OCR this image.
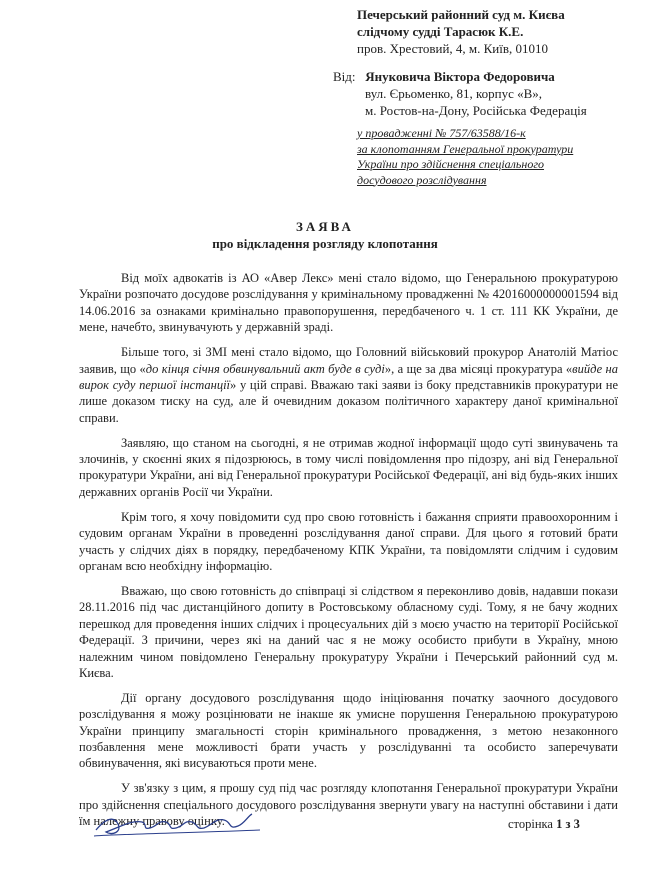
Печерський районний суд м. Києва
слідчому судді Тарасюк К.Е.
пров. Хрестовий, 4, м. Київ, 01010
Від: Януковича Віктора Федоровича
вул. Єрьоменко, 81, корпус «В»,
м. Ростов-на-Дону, Російська Федерація
у провадженні № 757/63588/16-к
за клопотанням Генеральної прокуратури
України про здійснення спеціального
досудового розслідування
ЗАЯВА
про відкладення розгляду клопотання

Від моїх адвокатів із АО «Авер Лекс» мені стало відомо, що Генеральною прокуратурою України розпочато досудове розслідування у кримінальному провадженні № 42016000000001594 від 14.06.2016 за ознаками кримінально правопорушення, передбаченого ч. 1 ст. 111 КК України, де мене, начебто, звинувачують у державній зраді.

Більше того, зі ЗМІ мені стало відомо, що Головний військовий прокурор Анатолій Матіос заявив, що «до кінця січня обвинувальний акт буде в суді», а ще за два місяці прокуратура «вийде на вирок суду першої інстанції» у цій справі. Вважаю такі заяви із боку представників прокуратури не лише доказом тиску на суд, але й очевидним доказом політичного характеру даної кримінальної справи.

Заявляю, що станом на сьогодні, я не отримав жодної інформації щодо суті звинувачень та злочинів, у скоєнні яких я підозрююсь, в тому числі повідомлення про підозру, ані від Генеральної прокуратури України, ані від Генеральної прокуратури Російської Федерації, ані від будь-яких інших державних органів Росії чи України.

Крім того, я хочу повідомити суд про свою готовність і бажання сприяти правоохоронним і судовим органам України в проведенні розслідування даної справи. Для цього я готовий брати участь у слідчих діях в порядку, передбаченому КПК України, та повідомляти слідчим і судовим органам всю необхідну інформацію.

Вважаю, що свою готовність до співпраці зі слідством я переконливо довів, надавши покази 28.11.2016 під час дистанційного допиту в Ростовському обласному суді. Тому, я не бачу жодних перешкод для проведення інших слідчих і процесуальних дій з моєю участю на території Російської Федерації. З причини, через які на даний час я не можу особисто прибути в Україну, мною належним чином повідомлено Генеральну прокуратуру України і Печерський районний суд м. Києва.

Дії органу досудового розслідування щодо ініціювання початку заочного досудового розслідування я можу розцінювати не інакше як умисне порушення Генеральною прокуратурою України принципу змагальності сторін кримінального провадження, з метою незаконного позбавлення мене можливості брати участь у розслідуванні та особисто заперечувати обвинувачення, які висуваються проти мене.

У зв'язку з цим, я прошу суд під час розгляду клопотання Генеральної прокуратури України про здійснення спеціального досудового розслідування звернути увагу на наступні обставини і дати їм належну правову оцінку.	сторінка 1 з 3
